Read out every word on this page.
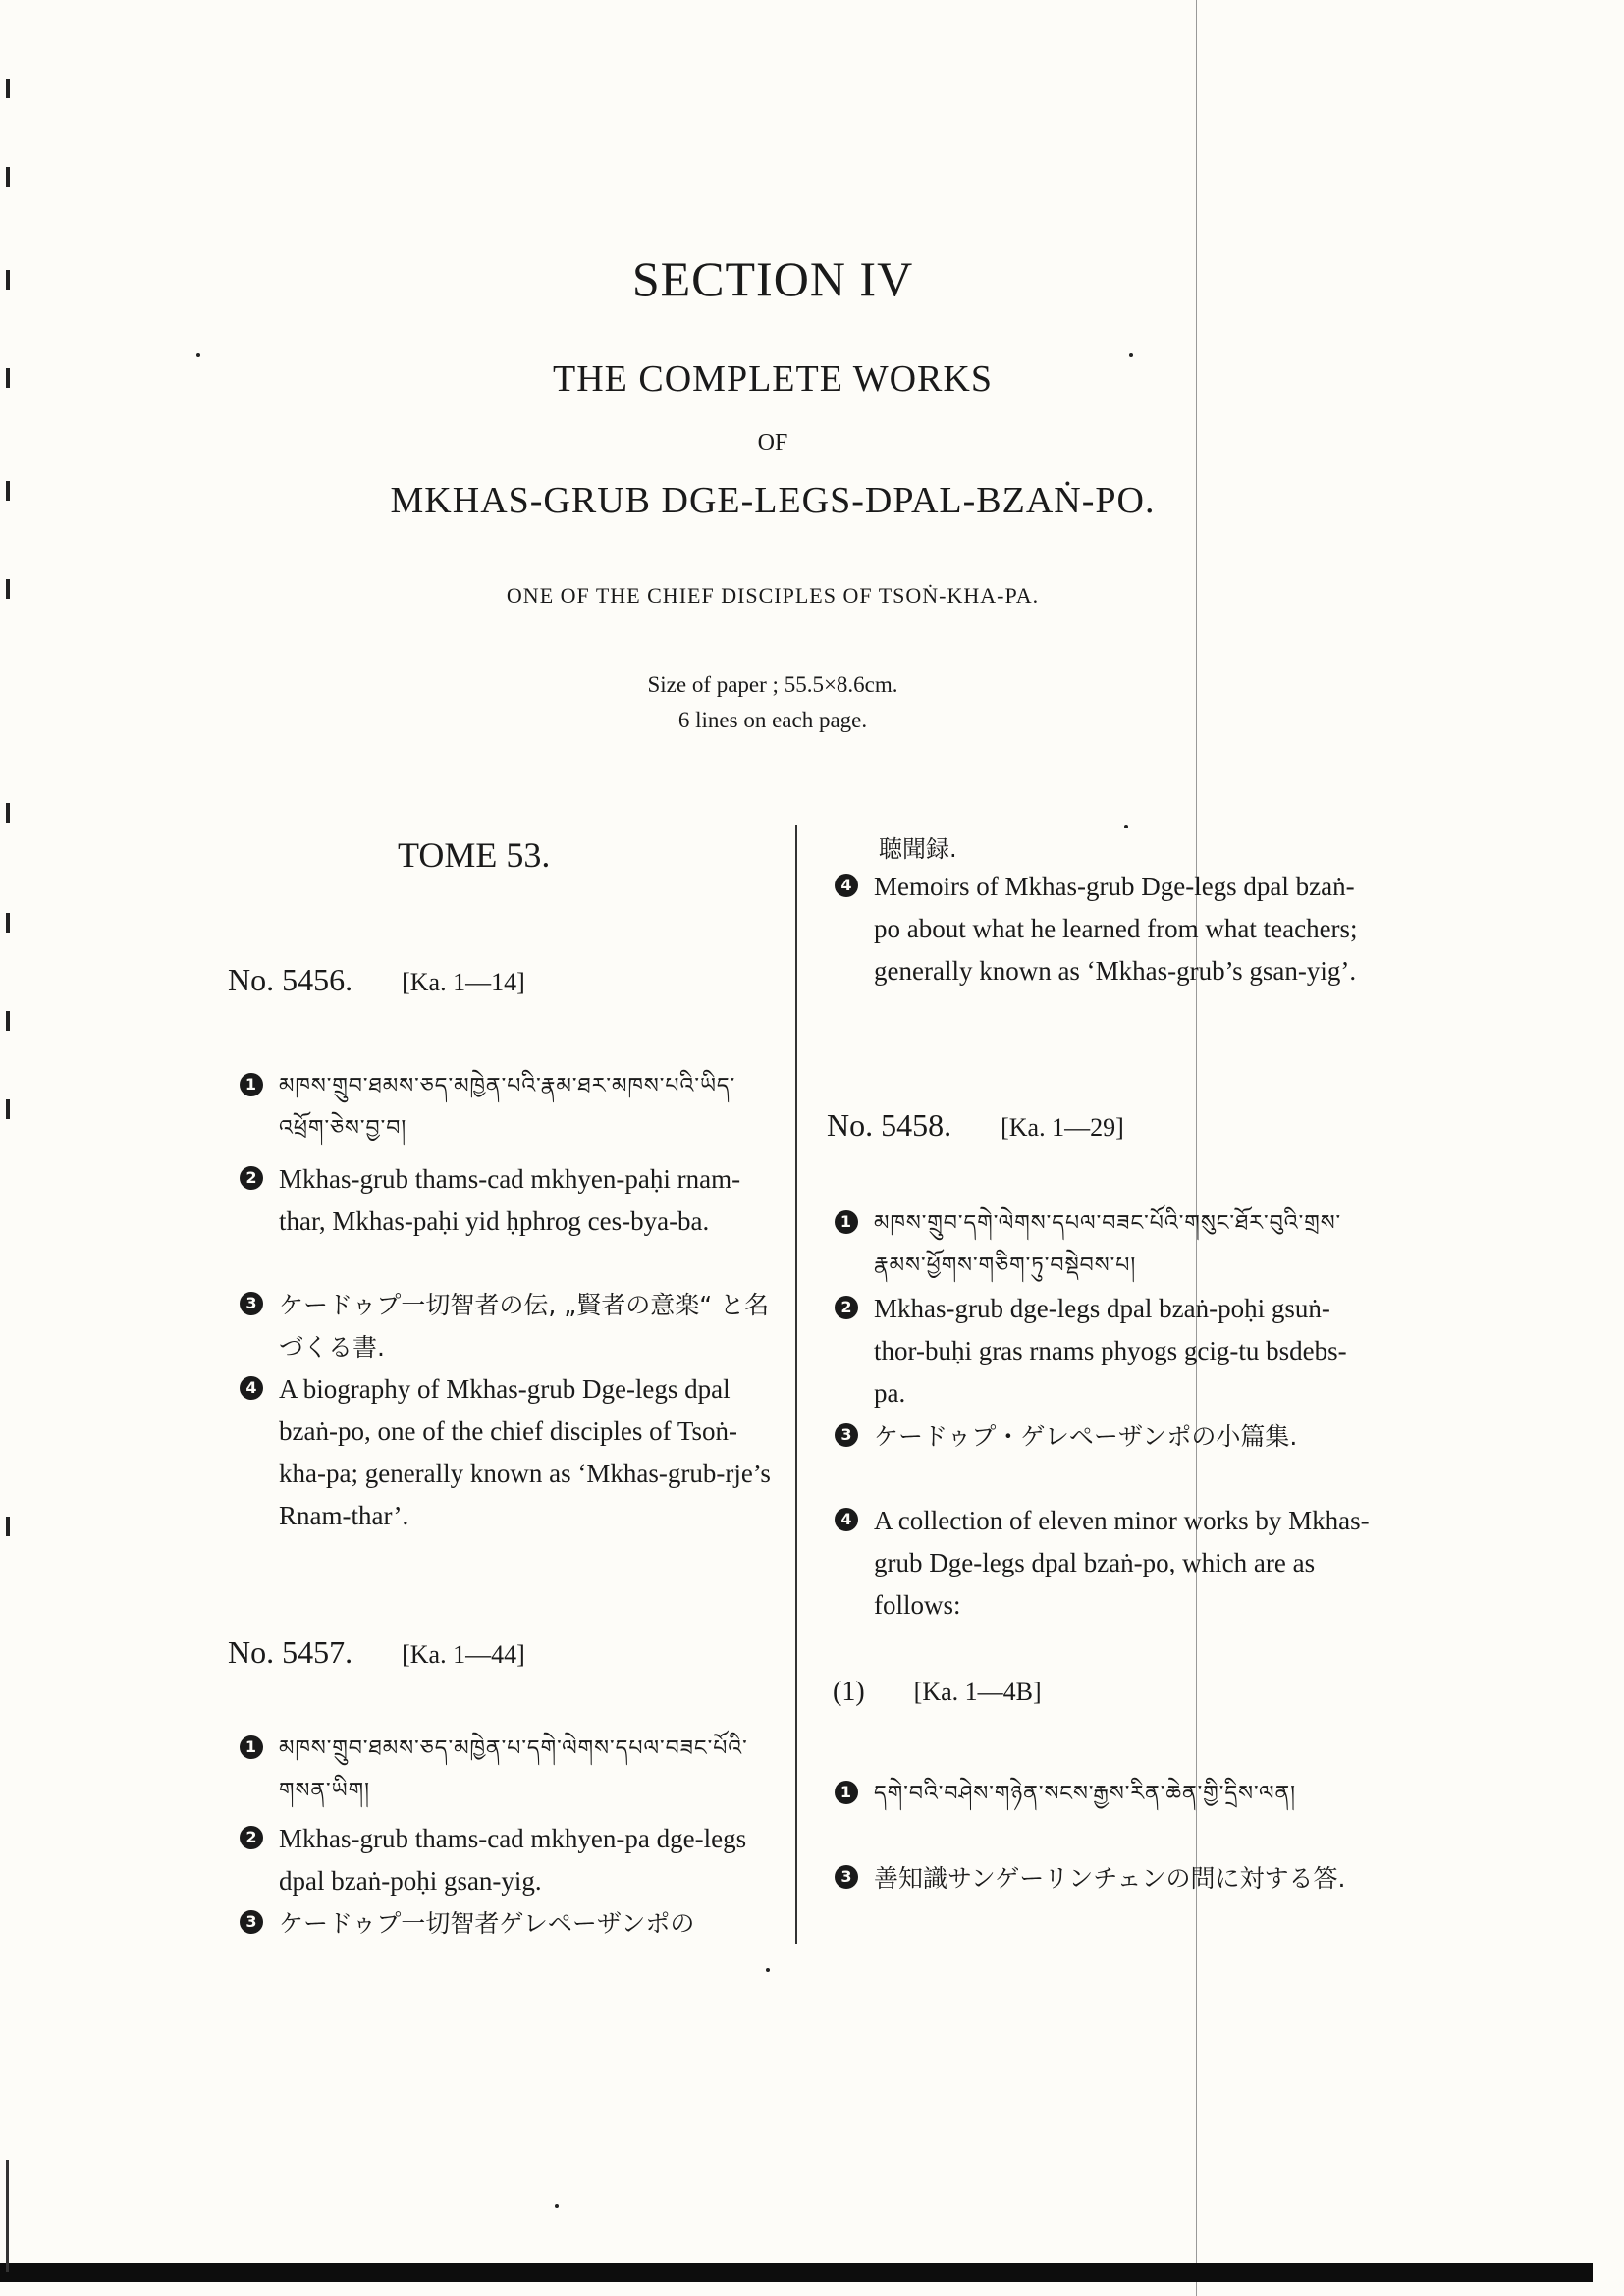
SECTION IV
THE COMPLETE WORKS
OF
MKHAS-GRUB DGE-LEGS-DPAL-BZAṄ-PO.
ONE OF THE CHIEF DISCIPLES OF TSOṄ-KHA-PA.
Size of paper ; 55.5×8.6cm.
6 lines on each page.
TOME 53.
No. 5456. [Ka. 1—14]
1 མཁས་གྲུབ་ཐམས་ཅད་མཁྱེན་པའི་རྣམ་ཐར་མཁས་པའི་ཡིད་འཕྲོག་ཅེས་བྱ་བ།
2 Mkhas-grub thams-cad mkhyen-paḥi rnam-thar, Mkhas-paḥi yid ḥphrog ces-bya-ba.
3 ケードゥプ一切智者の伝, „賢者の意楽“ と名づくる書.
4 A biography of Mkhas-grub Dge-legs dpal bzaṅ-po, one of the chief disciples of Tsoṅ-kha-pa; generally known as ‘Mkhas-grub-rje’s Rnam-thar’.
No. 5457. [Ka. 1—44]
1 མཁས་གྲུབ་ཐམས་ཅད་མཁྱེན་པ་དགེ་ལེགས་དཔལ་བཟང་པོའི་གསན་ཡིག།
2 Mkhas-grub thams-cad mkhyen-pa dge-legs dpal bzaṅ-poḥi gsan-yig.
3 ケードゥプ一切智者ゲレペーザンポの
聴聞録.
4 Memoirs of Mkhas-grub Dge-legs dpal bzaṅ-po about what he learned from what teachers; generally known as ‘Mkhas-grub’s gsan-yig’.
No. 5458. [Ka. 1—29]
1 མཁས་གྲུབ་དགེ་ལེགས་དཔལ་བཟང་པོའི་གསུང་ཐོར་བུའི་གྲས་རྣམས་ཕྱོགས་གཅིག་ཏུ་བསྡེབས་པ།
2 Mkhas-grub dge-legs dpal bzaṅ-poḥi gsuṅ-thor-buḥi gras rnams phyogs gcig-tu bsdebs-pa.
3 ケードゥプ・ゲレペーザンポの小篇集.
4 A collection of eleven minor works by Mkhas-grub Dge-legs dpal bzaṅ-po, which are as follows:
(1) [Ka. 1—4B]
1 དགེ་བའི་བཤེས་གཉེན་སངས་རྒྱས་རིན་ཆེན་གྱི་དྲིས་ལན།
3 善知識サンゲーリンチェンの問に対する答.
